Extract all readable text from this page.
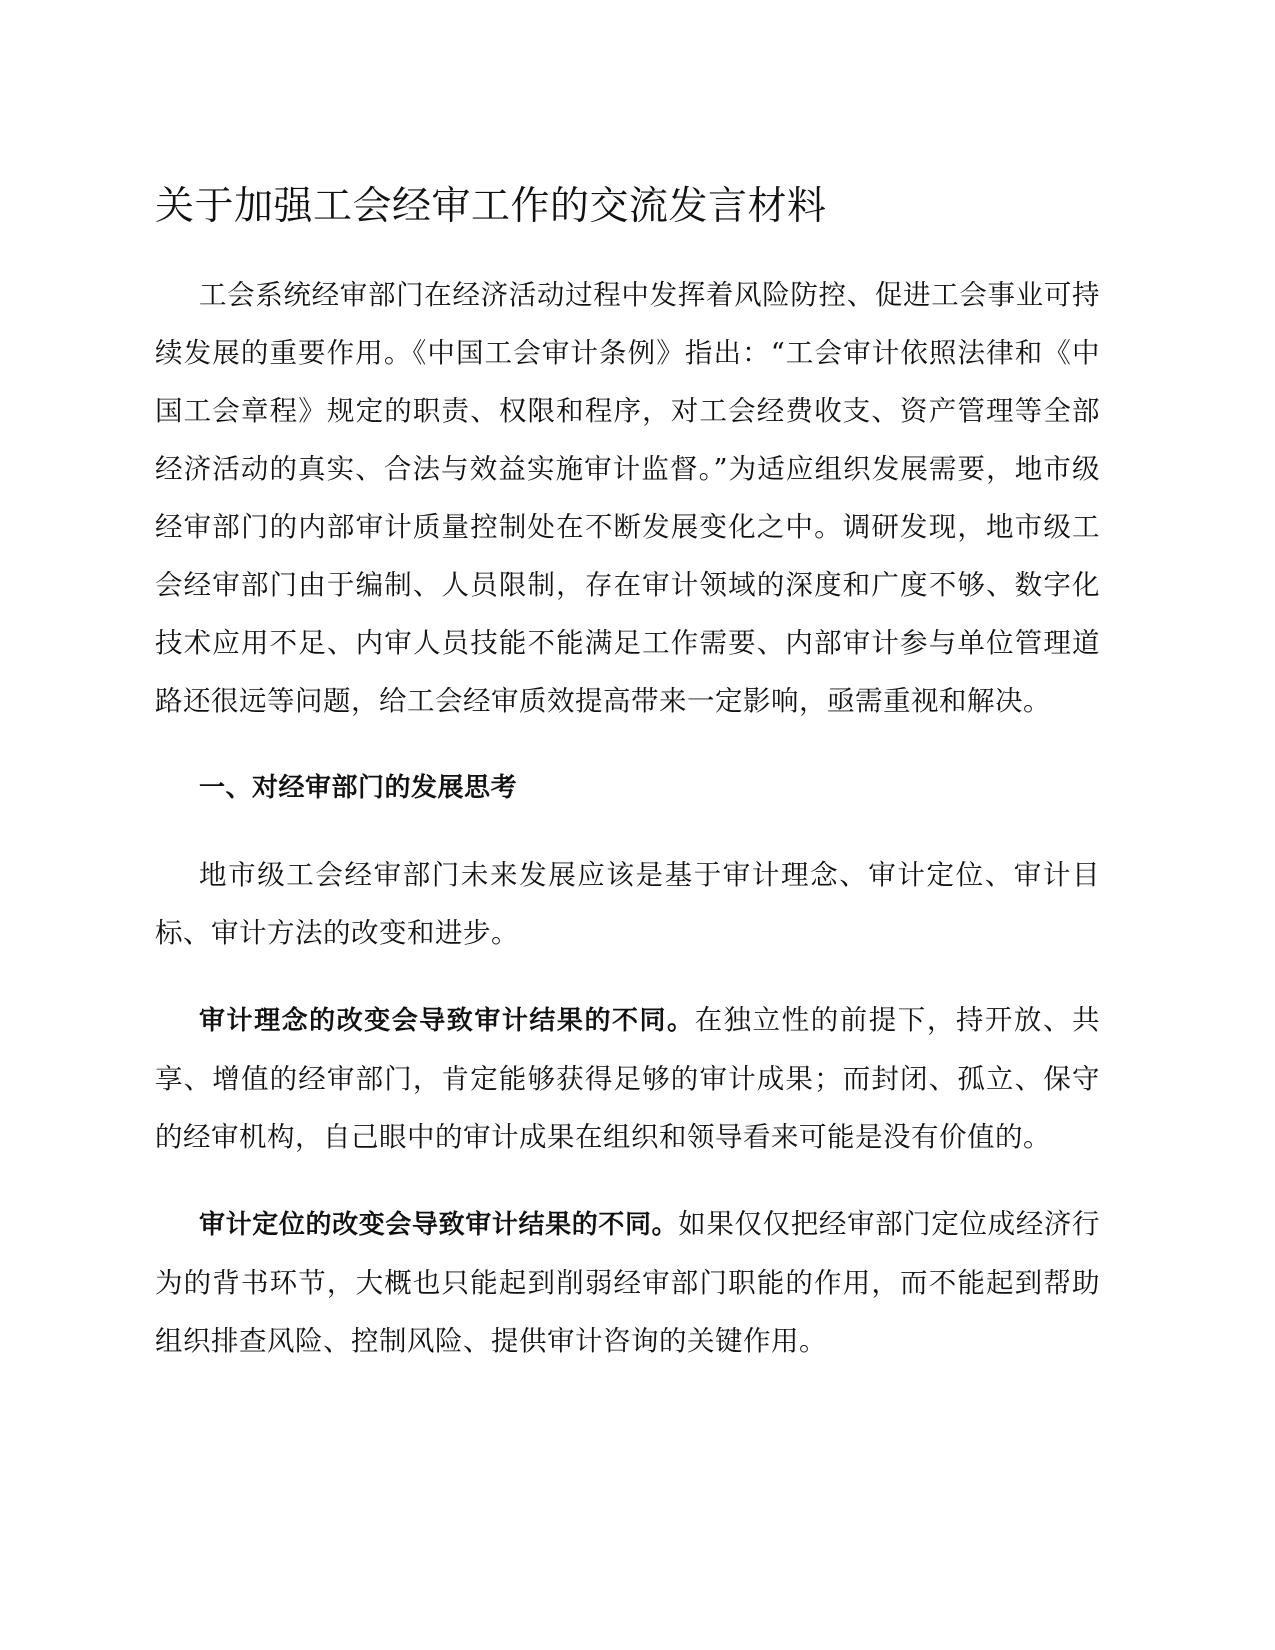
关于加强工会经审工作的交流发言材料

工会系统经审部门在经济活动过程中发挥着风险防控、促进工会事业可持续发展的重要作用。《中国工会审计条例》指出：“工会审计依照法律和《中国工会章程》规定的职责、权限和程序，对工会经费收支、资产管理等全部经济活动的真实、合法与效益实施审计监督。”为适应组织发展需要，地市级经审部门的内部审计质量控制处在不断发展变化之中。调研发现，地市级工会经审部门由于编制、人员限制，存在审计领域的深度和广度不够、数字化技术应用不足、内审人员技能不能满足工作需要、内部审计参与单位管理道路还很远等问题，给工会经审质效提高带来一定影响，亟需重视和解决。

一、对经审部门的发展思考

地市级工会经审部门未来发展应该是基于审计理念、审计定位、审计目标、审计方法的改变和进步。

审计理念的改变会导致审计结果的不同。在独立性的前提下，持开放、共享、增值的经审部门，肯定能够获得足够的审计成果；而封闭、孤立、保守的经审机构，自己眼中的审计成果在组织和领导看来可能是没有价值的。

审计定位的改变会导致审计结果的不同。如果仅仅把经审部门定位成经济行为的背书环节，大概也只能起到削弱经审部门职能的作用，而不能起到帮助组织排查风险、控制风险、提供审计咨询的关键作用。
